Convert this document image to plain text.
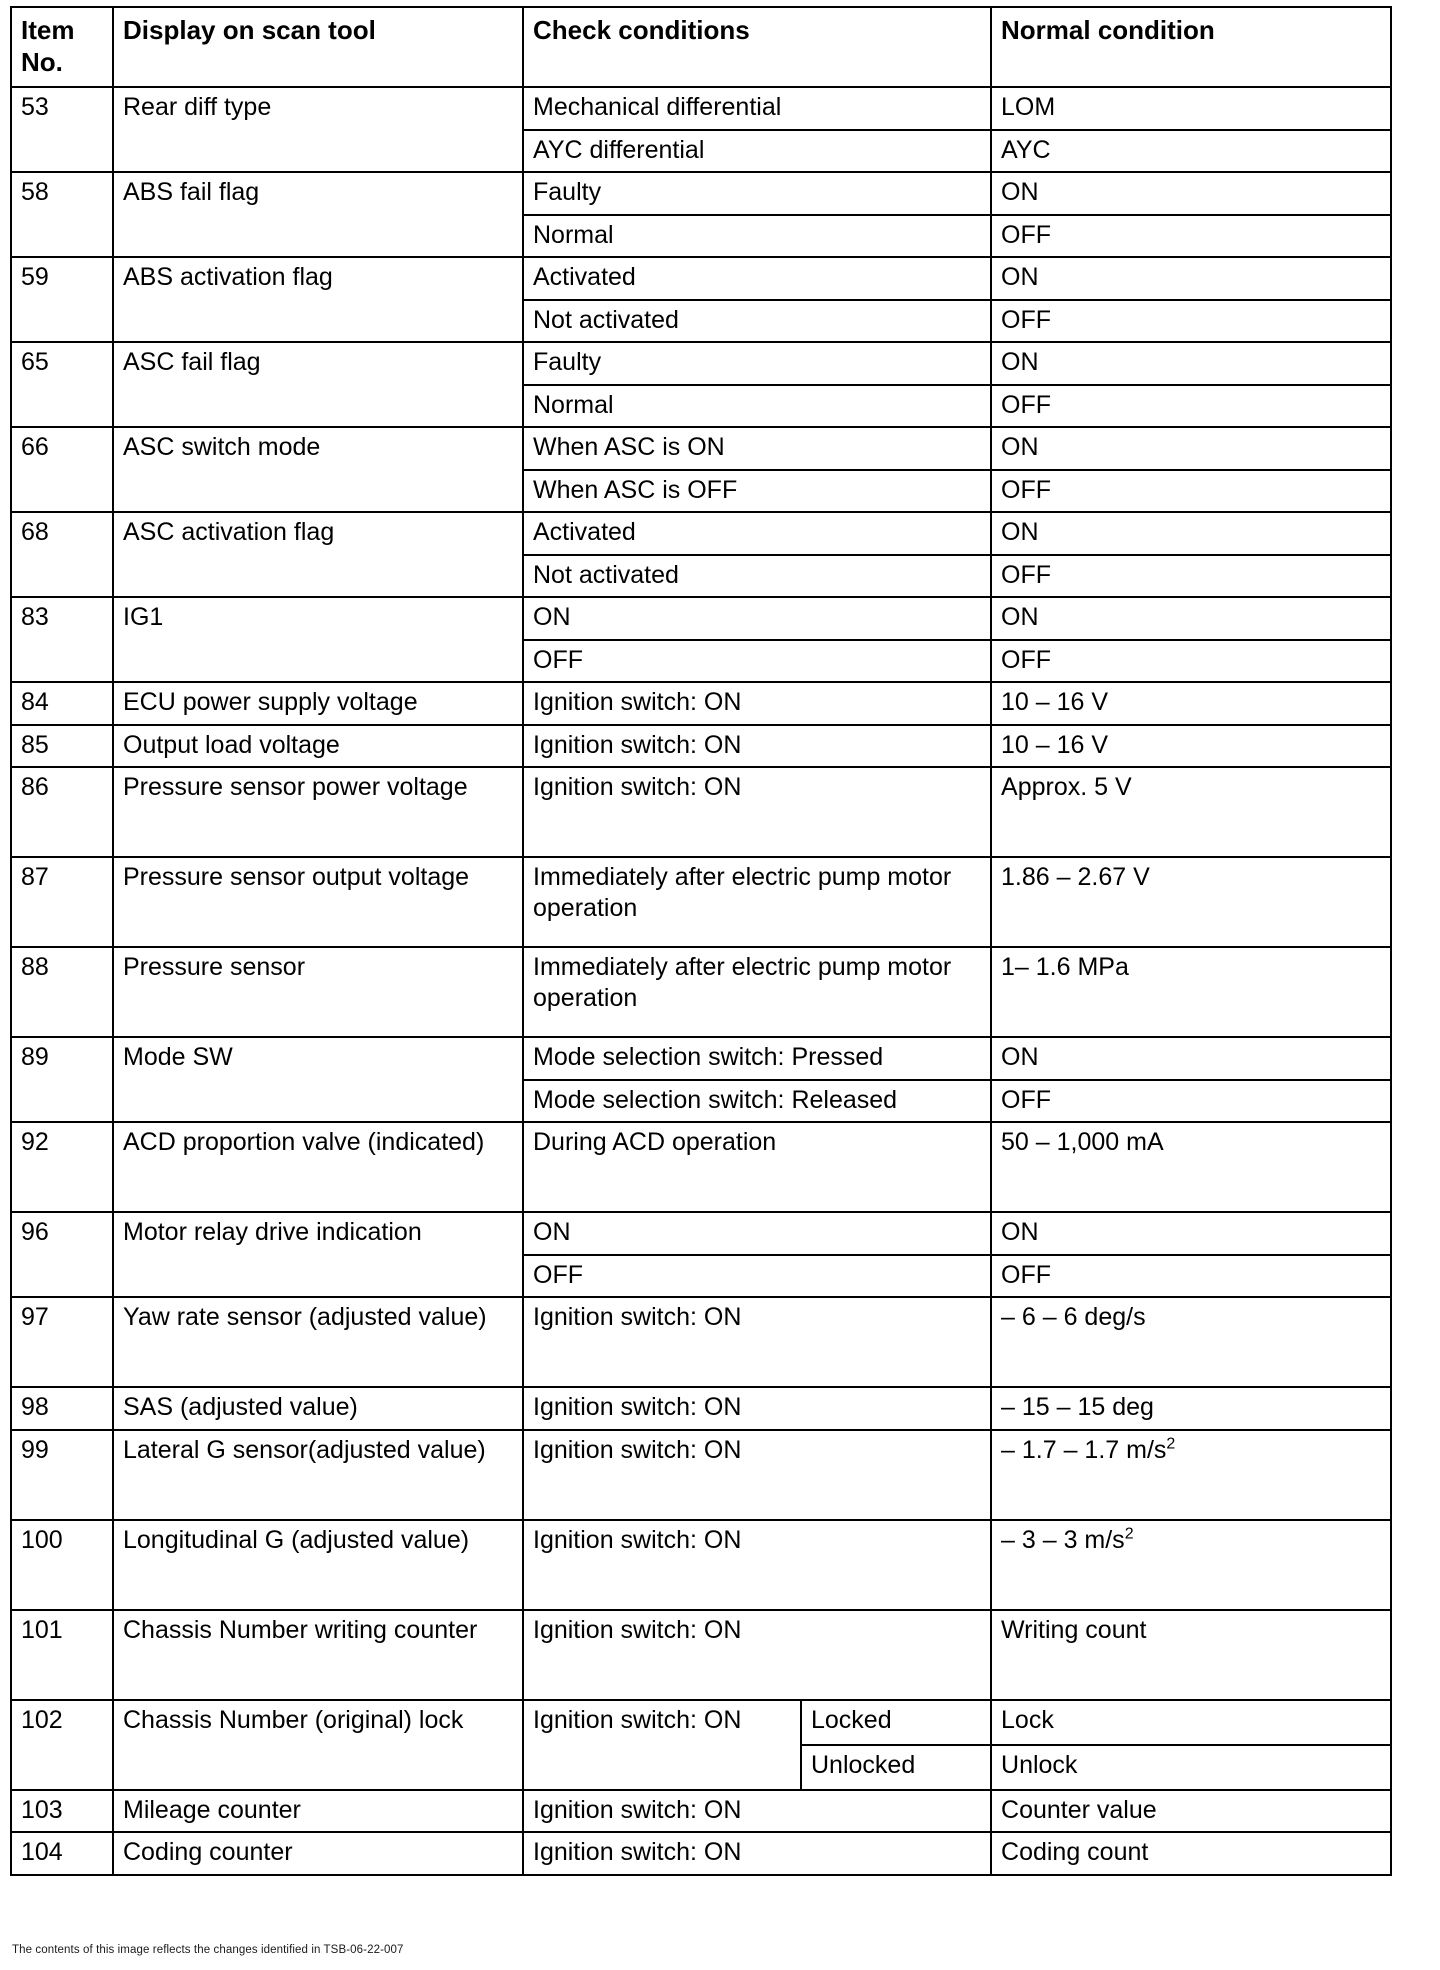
Item
No.	Display on scan tool	Check conditions		Normal condition
53	Rear diff type	Mechanical differential		LOM
		AYC differential		AYC
58	ABS fail flag	Faulty		ON
		Normal		OFF
59	ABS activation flag	Activated		ON
		Not activated		OFF
65	ASC fail flag	Faulty		ON
		Normal		OFF
66	ASC switch mode	When ASC is ON		ON
		When ASC is OFF		OFF
68	ASC activation flag	Activated		ON
		Not activated		OFF
83	IG1	ON		ON
		OFF		OFF
84	ECU power supply voltage	Ignition switch: ON		10 – 16 V
85	Output load voltage	Ignition switch: ON		10 – 16 V
86	Pressure sensor power voltage	Ignition switch: ON		Approx. 5 V
87	Pressure sensor output voltage	Immediately after electric pump motor operation		1.86 – 2.67 V
88	Pressure sensor	Immediately after electric pump motor operation		1– 1.6 MPa
89	Mode SW	Mode selection switch: Pressed		ON
		Mode selection switch: Released		OFF
92	ACD proportion valve (indicated)	During ACD operation		50 – 1,000 mA
96	Motor relay drive indication	ON		ON
		OFF		OFF
97	Yaw rate sensor (adjusted value)	Ignition switch: ON		– 6 – 6 deg/s
98	SAS (adjusted value)	Ignition switch: ON		– 15 – 15 deg
99	Lateral G sensor(adjusted value)	Ignition switch: ON		– 1.7 – 1.7 $m/s^2$
100	Longitudinal G (adjusted value)	Ignition switch: ON		– 3 – 3 $m/s^2$
101	Chassis Number writing counter	Ignition switch: ON		Writing count
102	Chassis Number (original) lock	Ignition switch: ON	Locked	Lock
			Unlocked	Unlock
103	Mileage counter	Ignition switch: ON		Counter value
104	Coding counter	Ignition switch: ON		Coding count
The contents of this image reflects the changes identified in TSB-06-22-007
